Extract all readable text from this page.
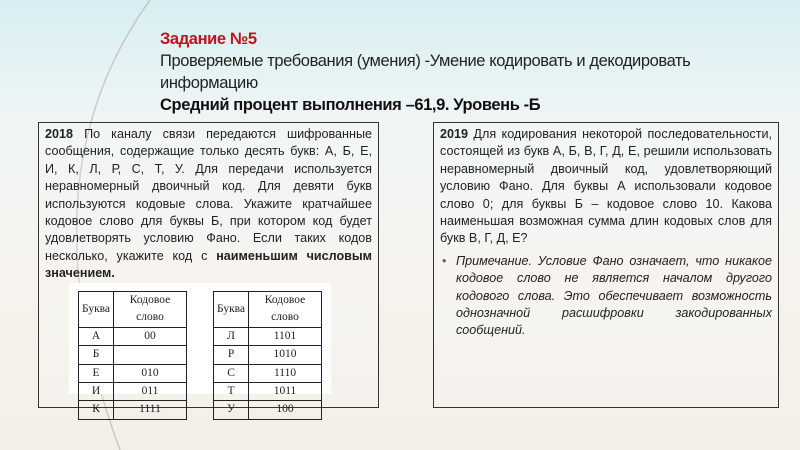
Задание №5
Проверяемые требования (умения) -Умение кодировать и декодировать информацию
Средний процент выполнения –61,9. Уровень -Б
2018 По каналу связи передаются шифрованные сообщения, содержащие только десять букв: А, Б, Е, И, К, Л, Р, С, Т, У. Для передачи используется неравномерный двоичный код. Для девяти букв используются кодовые слова. Укажите кратчайшее кодовое слово для буквы Б, при котором код будет удовлетворять условию Фано. Если таких кодов несколько, укажите код с наименьшим числовым значением.
Буква	Кодовое слово
А	00
Б	
Е	010
И	011
К	1111
Буква	Кодовое слово
Л	1101
Р	1010
С	1110
Т	1011
У	100
2019 Для кодирования некоторой последовательности, состоящей из букв А, Б, В, Г, Д, Е, решили использовать неравномерный двоичный код, удовлетворяющий условию Фано. Для буквы А использовали кодовое слово 0; для буквы Б – кодовое слово 10. Какова наименьшая возможная сумма длин кодовых слов для букв В, Г, Д, Е?
• Примечание. Условие Фано означает, что никакое кодовое слово не является началом другого кодового слова. Это обеспечивает возможность однозначной расшифровки закодированных сообщений.
